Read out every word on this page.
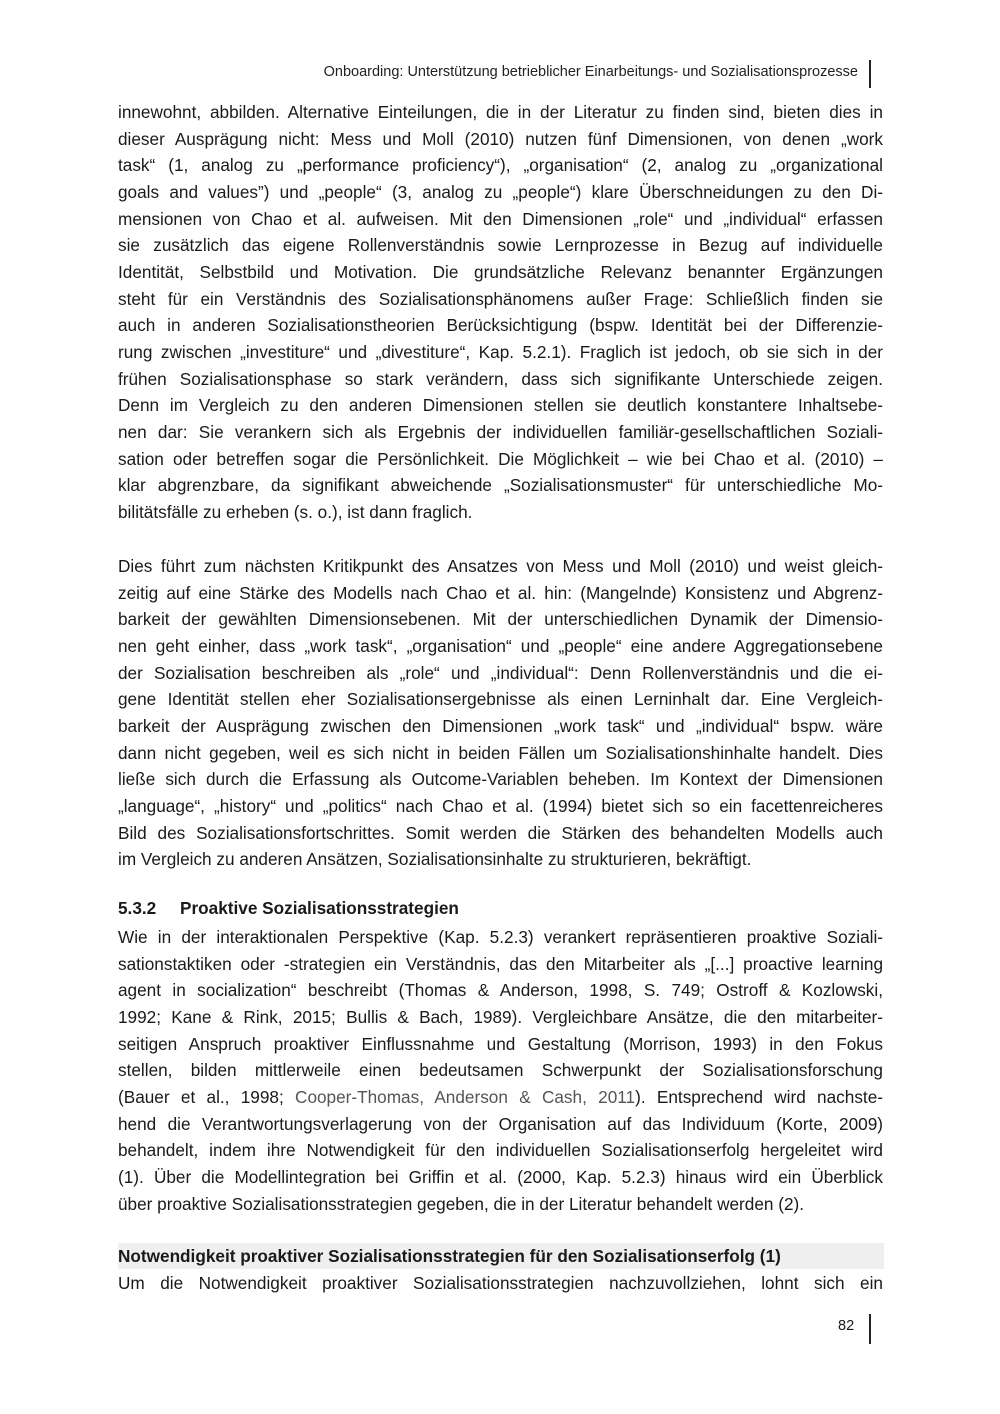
Onboarding: Unterstützung betrieblicher Einarbeitungs- und Sozialisationsprozesse
innewohnt, abbilden. Alternative Einteilungen, die in der Literatur zu finden sind, bieten dies in
dieser Ausprägung nicht: Mess und Moll (2010) nutzen fünf Dimensionen, von denen „work
task“ (1, analog zu „performance proficiency“), „organisation“ (2, analog zu „organizational
goals and values”) und „people“ (3, analog zu „people“) klare Überschneidungen zu den Di-
mensionen von Chao et al. aufweisen. Mit den Dimensionen „role“ und „individual“ erfassen
sie zusätzlich das eigene Rollenverständnis sowie Lernprozesse in Bezug auf individuelle
Identität, Selbstbild und Motivation. Die grundsätzliche Relevanz benannter Ergänzungen
steht für ein Verständnis des Sozialisationsphänomens außer Frage: Schließlich finden sie
auch in anderen Sozialisationstheorien Berücksichtigung (bspw. Identität bei der Differenzie-
rung zwischen „investiture“ und „divestiture“, Kap. 5.2.1). Fraglich ist jedoch, ob sie sich in der
frühen Sozialisationsphase so stark verändern, dass sich signifikante Unterschiede zeigen.
Denn im Vergleich zu den anderen Dimensionen stellen sie deutlich konstantere Inhaltsebe-
nen dar: Sie verankern sich als Ergebnis der individuellen familiär-gesellschaftlichen Soziali-
sation oder betreffen sogar die Persönlichkeit. Die Möglichkeit – wie bei Chao et al. (2010) –
klar abgrenzbare, da signifikant abweichende „Sozialisationsmuster“ für unterschiedliche Mo-
bilitätsfälle zu erheben (s. o.), ist dann fraglich.
Dies führt zum nächsten Kritikpunkt des Ansatzes von Mess und Moll (2010) und weist gleich-
zeitig auf eine Stärke des Modells nach Chao et al. hin: (Mangelnde) Konsistenz und Abgrenz-
barkeit der gewählten Dimensionsebenen. Mit der unterschiedlichen Dynamik der Dimensio-
nen geht einher, dass „work task“, „organisation“ und „people“ eine andere Aggregationsebene
der Sozialisation beschreiben als „role“ und „individual“: Denn Rollenverständnis und die ei-
gene Identität stellen eher Sozialisationsergebnisse als einen Lerninhalt dar. Eine Vergleich-
barkeit der Ausprägung zwischen den Dimensionen „work task“ und „individual“ bspw. wäre
dann nicht gegeben, weil es sich nicht in beiden Fällen um Sozialisationshinhalte handelt. Dies
ließe sich durch die Erfassung als Outcome-Variablen beheben. Im Kontext der Dimensionen
„language“, „history“ und „politics“ nach Chao et al. (1994) bietet sich so ein facettenreicheres
Bild des Sozialisationsfortschrittes. Somit werden die Stärken des behandelten Modells auch
im Vergleich zu anderen Ansätzen, Sozialisationsinhalte zu strukturieren, bekräftigt.
5.3.2 Proaktive Sozialisationsstrategien
Wie in der interaktionalen Perspektive (Kap. 5.2.3) verankert repräsentieren proaktive Soziali-
sationstaktiken oder -strategien ein Verständnis, das den Mitarbeiter als „[...] proactive learning
agent in socialization“ beschreibt (Thomas & Anderson, 1998, S. 749; Ostroff & Kozlowski,
1992; Kane & Rink, 2015; Bullis & Bach, 1989). Vergleichbare Ansätze, die den mitarbeiter-
seitigen Anspruch proaktiver Einflussnahme und Gestaltung (Morrison, 1993) in den Fokus
stellen, bilden mittlerweile einen bedeutsamen Schwerpunkt der Sozialisationsforschung
(Bauer et al., 1998; Cooper-Thomas, Anderson & Cash, 2011). Entsprechend wird nachste-
hend die Verantwortungsverlagerung von der Organisation auf das Individuum (Korte, 2009)
behandelt, indem ihre Notwendigkeit für den individuellen Sozialisationserfolg hergeleitet wird
(1). Über die Modellintegration bei Griffin et al. (2000, Kap. 5.2.3) hinaus wird ein Überblick
über proaktive Sozialisationsstrategien gegeben, die in der Literatur behandelt werden (2).
Notwendigkeit proaktiver Sozialisationsstrategien für den Sozialisationserfolg (1)
Um die Notwendigkeit proaktiver Sozialisationsstrategien nachzuvollziehen, lohnt sich ein
82
